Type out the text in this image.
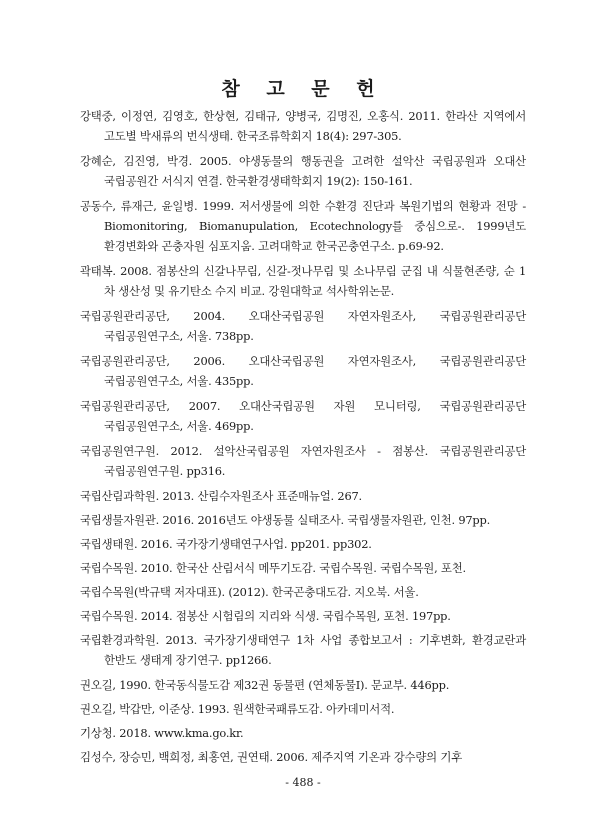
참 고 문 헌
강택중, 이정연, 김영호, 한상현, 김태규, 양병국, 김명진, 오홍식. 2011. 한라산 지역에서 고도별 박새류의 번식생태. 한국조류학회지 18(4): 297-305.
강혜순, 김진영, 박경. 2005. 야생동물의 행동권을 고려한 설악산 국립공원과 오대산 국립공원간 서식지 연결. 한국환경생태학회지 19(2): 150-161.
공동수, 류재근, 윤일병. 1999. 저서생물에 의한 수환경 진단과 복원기법의 현황과 전망 -Biomonitoring, Biomanupulation, Ecotechnology를 중심으로-. 1999년도 환경변화와 곤충자원 심포지움. 고려대학교 한국곤충연구소. p.69-92.
곽태복. 2008. 점봉산의 신갈나무림, 신갈-젓나무림 및 소나무림 군집 내 식물현존량, 순 1 차 생산성 및 유기탄소 수지 비교. 강원대학교 석사학위논문.
국립공원관리공단, 2004. 오대산국립공원 자연자원조사, 국립공원관리공단 국립공원연구소, 서울. 738pp.
국립공원관리공단, 2006. 오대산국립공원 자연자원조사, 국립공원관리공단 국립공원연구소, 서울. 435pp.
국립공원관리공단, 2007. 오대산국립공원 자원 모니터링, 국립공원관리공단 국립공원연구소, 서울. 469pp.
국립공원연구원. 2012. 설악산국립공원 자연자원조사 - 점봉산. 국립공원관리공단 국립공원연구원. pp316.
국립산림과학원. 2013. 산림수자원조사 표준매뉴얼. 267.
국립생물자원관. 2016. 2016년도 야생동물 실태조사. 국립생물자원관, 인천. 97pp.
국립생태원. 2016. 국가장기생태연구사업. pp201. pp302.
국립수목원. 2010. 한국산 산림서식 메뚜기도감. 국립수목원. 국립수목원, 포천.
국립수목원(박규택 저자대표). (2012). 한국곤충대도감. 지오북. 서울.
국립수목원. 2014. 점봉산 시험림의 지리와 식생. 국립수목원, 포천. 197pp.
국립환경과학원. 2013. 국가장기생태연구 1차 사업 종합보고서 : 기후변화, 환경교란과 한반도 생태계 장기연구. pp1266.
권오길, 1990. 한국동식물도감 제32권 동물편 (연체동물Ⅰ). 문교부. 446pp.
권오길, 박갑만, 이준상. 1993. 원색한국패류도감. 아카데미서적.
기상청. 2018. www.kma.go.kr.
김성수, 장승민, 백희정, 최홍연, 권연태. 2006. 제주지역 기온과 강수량의 기후
- 488 -
